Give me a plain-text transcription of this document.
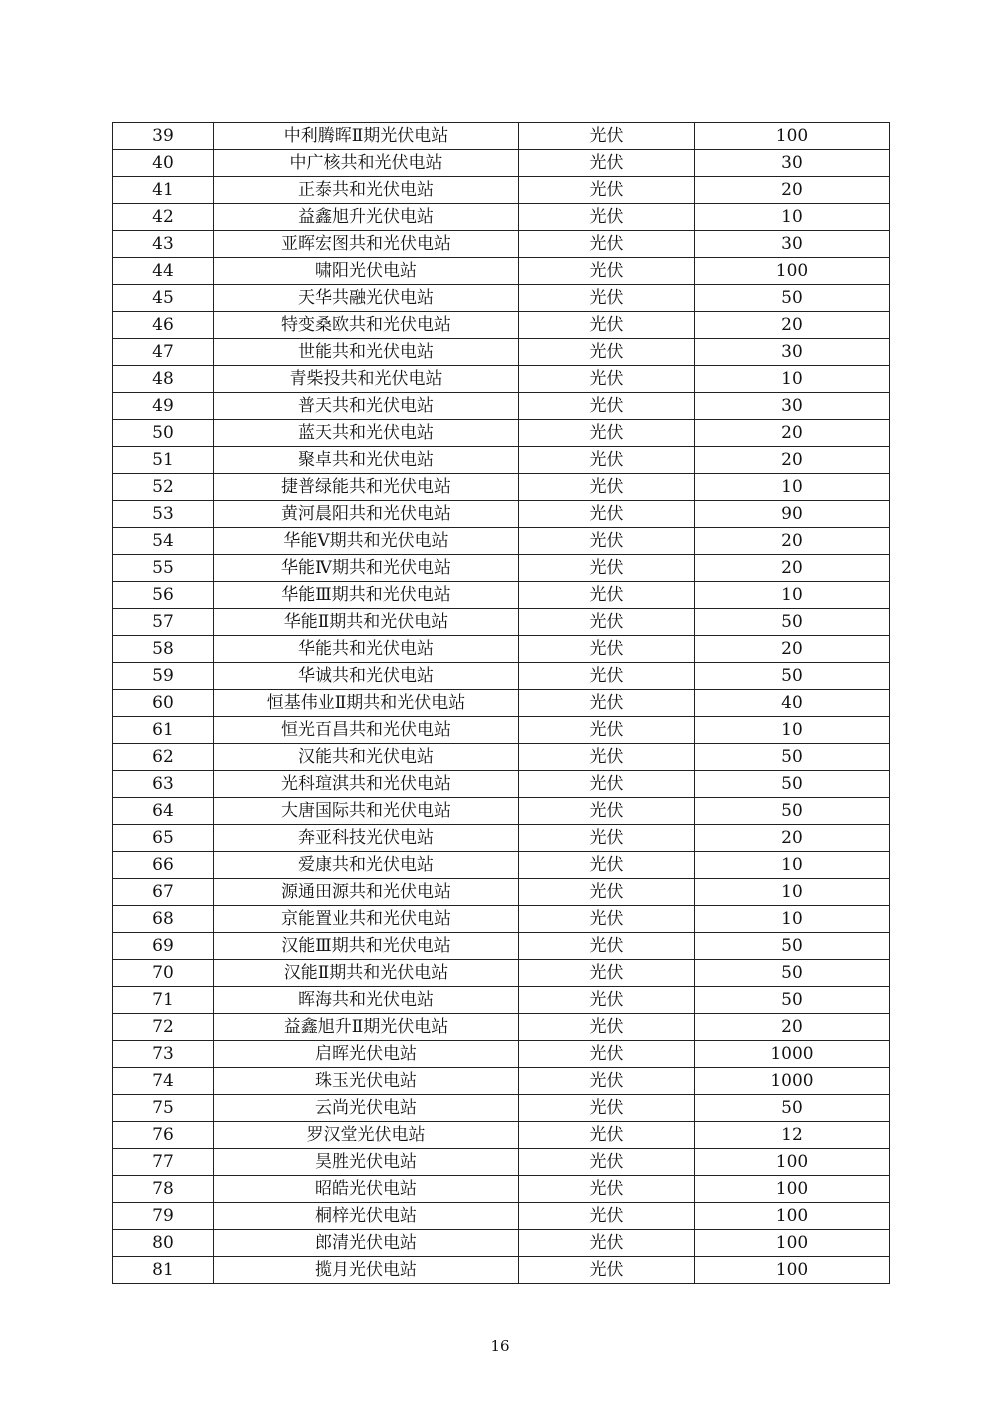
39	中利腾晖Ⅱ期光伏电站	光伏	100
40	中广核共和光伏电站	光伏	30
41	正泰共和光伏电站	光伏	20
42	益鑫旭升光伏电站	光伏	10
43	亚晖宏图共和光伏电站	光伏	30
44	啸阳光伏电站	光伏	100
45	天华共融光伏电站	光伏	50
46	特变桑欧共和光伏电站	光伏	20
47	世能共和光伏电站	光伏	30
48	青柴投共和光伏电站	光伏	10
49	普天共和光伏电站	光伏	30
50	蓝天共和光伏电站	光伏	20
51	聚卓共和光伏电站	光伏	20
52	捷普绿能共和光伏电站	光伏	10
53	黄河晨阳共和光伏电站	光伏	90
54	华能Ⅴ期共和光伏电站	光伏	20
55	华能Ⅳ期共和光伏电站	光伏	20
56	华能Ⅲ期共和光伏电站	光伏	10
57	华能Ⅱ期共和光伏电站	光伏	50
58	华能共和光伏电站	光伏	20
59	华诚共和光伏电站	光伏	50
60	恒基伟业Ⅱ期共和光伏电站	光伏	40
61	恒光百昌共和光伏电站	光伏	10
62	汉能共和光伏电站	光伏	50
63	光科瑄淇共和光伏电站	光伏	50
64	大唐国际共和光伏电站	光伏	50
65	奔亚科技光伏电站	光伏	20
66	爱康共和光伏电站	光伏	10
67	源通田源共和光伏电站	光伏	10
68	京能置业共和光伏电站	光伏	10
69	汉能Ⅲ期共和光伏电站	光伏	50
70	汉能Ⅱ期共和光伏电站	光伏	50
71	晖海共和光伏电站	光伏	50
72	益鑫旭升Ⅱ期光伏电站	光伏	20
73	启晖光伏电站	光伏	1000
74	珠玉光伏电站	光伏	1000
75	云尚光伏电站	光伏	50
76	罗汉堂光伏电站	光伏	12
77	昊胜光伏电站	光伏	100
78	昭皓光伏电站	光伏	100
79	桐梓光伏电站	光伏	100
80	郎清光伏电站	光伏	100
81	揽月光伏电站	光伏	100
16
